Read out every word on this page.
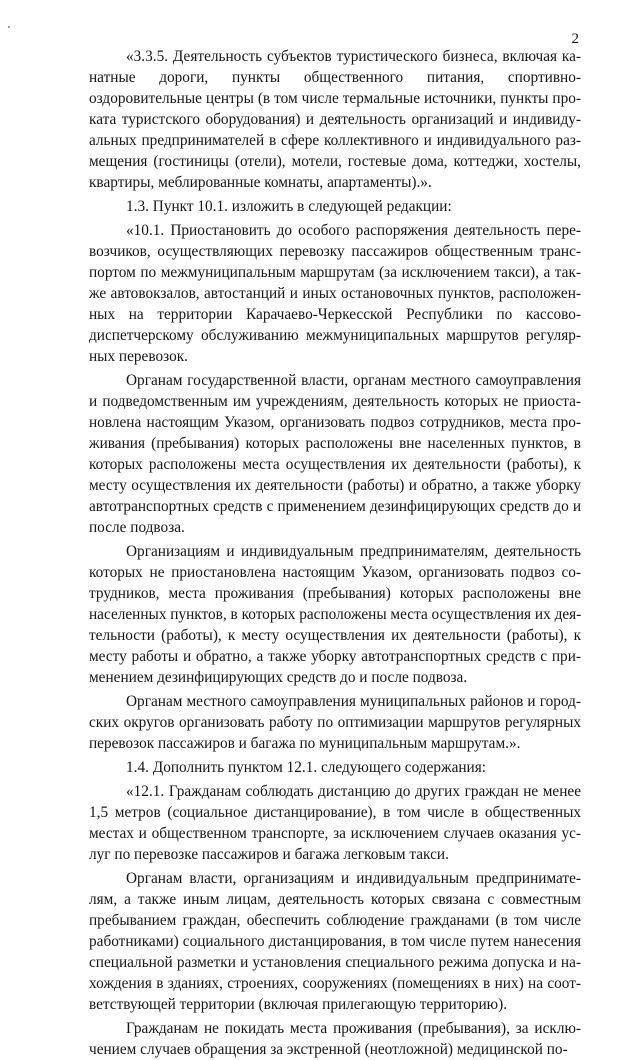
2

«3.3.5. Деятельность субъектов туристического бизнеса, включая ка-
натные дороги, пункты общественного питания, спортивно-
оздоровительные центры (в том числе термальные источники, пункты про-
ката туристского оборудования) и деятельность организаций и индивиду-
альных предпринимателей в сфере коллективного и индивидуального раз-
мещения (гостиницы (отели), мотели, гостевые дома, коттеджи, хостелы,
квартиры, меблированные комнаты, апартаменты).».

1.3. Пункт 10.1. изложить в следующей редакции:

«10.1. Приостановить до особого распоряжения деятельность пере-
возчиков, осуществляющих перевозку пассажиров общественным транс-
портом по межмуниципальным маршрутам (за исключением такси), а так-
же автовокзалов, автостанций и иных остановочных пунктов, расположен-
ных на территории Карачаево-Черкесской Республики по кассово-
диспетчерскому обслуживанию межмуниципальных маршрутов регуляр-
ных перевозок.

Органам государственной власти, органам местного самоуправления
и подведомственным им учреждениям, деятельность которых не приоста-
новлена настоящим Указом, организовать подвоз сотрудников, места про-
живания (пребывания) которых расположены вне населенных пунктов, в
которых расположены места осуществления их деятельности (работы), к
месту осуществления их деятельности (работы) и обратно, а также уборку
автотранспортных средств с применением дезинфицирующих средств до и
после подвоза.

Организациям и индивидуальным предпринимателям, деятельность
которых не приостановлена настоящим Указом, организовать подвоз со-
трудников, места проживания (пребывания) которых расположены вне
населенных пунктов, в которых расположены места осуществления их дея-
тельности (работы), к месту осуществления их деятельности (работы), к
месту работы и обратно, а также уборку автотранспортных средств с при-
менением дезинфицирующих средств до и после подвоза.

Органам местного самоуправления муниципальных районов и город-
ских округов организовать работу по оптимизации маршрутов регулярных
перевозок пассажиров и багажа по муниципальным маршрутам.».

1.4. Дополнить пунктом 12.1. следующего содержания:

«12.1. Гражданам соблюдать дистанцию до других граждан не менее
1,5 метров (социальное дистанцирование), в том числе в общественных
местах и общественном транспорте, за исключением случаев оказания ус-
луг по перевозке пассажиров и багажа легковым такси.

Органам власти, организациям и индивидуальным предпринимате-
лям, а также иным лицам, деятельность которых связана с совместным
пребыванием граждан, обеспечить соблюдение гражданами (в том числе
работниками) социального дистанцирования, в том числе путем нанесения
специальной разметки и установления специального режима допуска и на-
хождения в зданиях, строениях, сооружениях (помещениях в них) на соот-
ветствующей территории (включая прилегающую территорию).

Гражданам не покидать места проживания (пребывания), за исклю-
чением случаев обращения за экстренной (неотложной) медицинской по-
